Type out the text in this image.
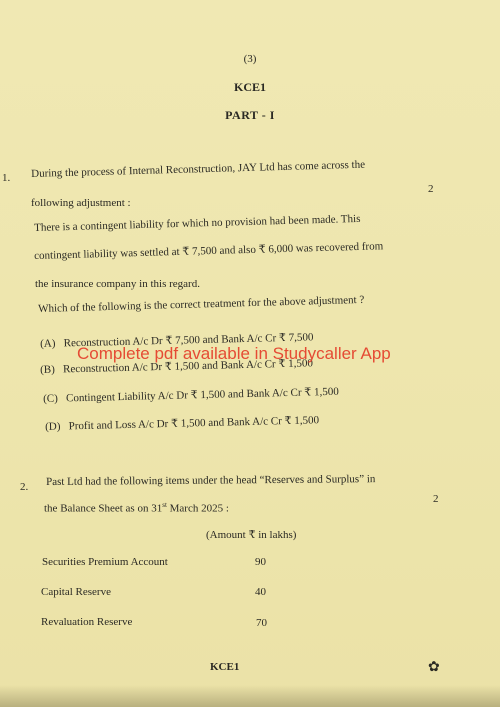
(3)
KCE1
PART - I
1.
2
During the process of Internal Reconstruction, JAY Ltd has come across the
following adjustment :
There is a contingent liability for which no provision had been made. This
contingent liability was settled at ₹ 7,500 and also ₹ 6,000 was recovered from
the insurance company in this regard.
Which of the following is the correct treatment for the above adjustment ?
(A) Reconstruction A/c Dr ₹ 7,500 and Bank A/c Cr ₹ 7,500
(B) Reconstruction A/c Dr ₹ 1,500 and Bank A/c Cr ₹ 1,500
(C) Contingent Liability A/c Dr ₹ 1,500 and Bank A/c Cr ₹ 1,500
(D) Profit and Loss A/c Dr ₹ 1,500 and Bank A/c Cr ₹ 1,500
Complete pdf available in Studycaller App
2.
2
Past Ltd had the following items under the head “Reserves and Surplus” in
the Balance Sheet as on 31st March 2025 :
(Amount ₹ in lakhs)
Securities Premium Account	90
Capital Reserve	40
Revaluation Reserve	70
KCE1	✿
